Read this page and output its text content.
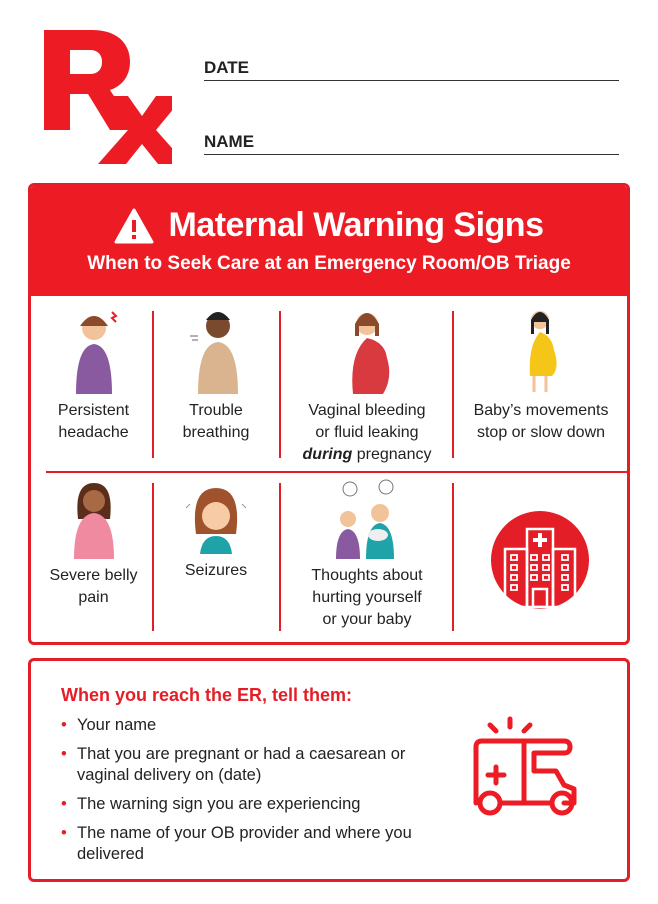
DATE
NAME
Maternal Warning Signs
When to Seek Care at an Emergency Room/OB Triage
Persistent
headache
Trouble
breathing
Vaginal bleeding
or fluid leaking
during pregnancy
Baby’s movements
stop or slow down
Severe belly
pain
Seizures	Thoughts about
hurting yourself
or your baby
When you reach the ER, tell them:
• Your name
• That you are pregnant or had a caesarean or vaginal delivery on (date)
• The warning sign you are experiencing
• The name of your OB provider and where you delivered
